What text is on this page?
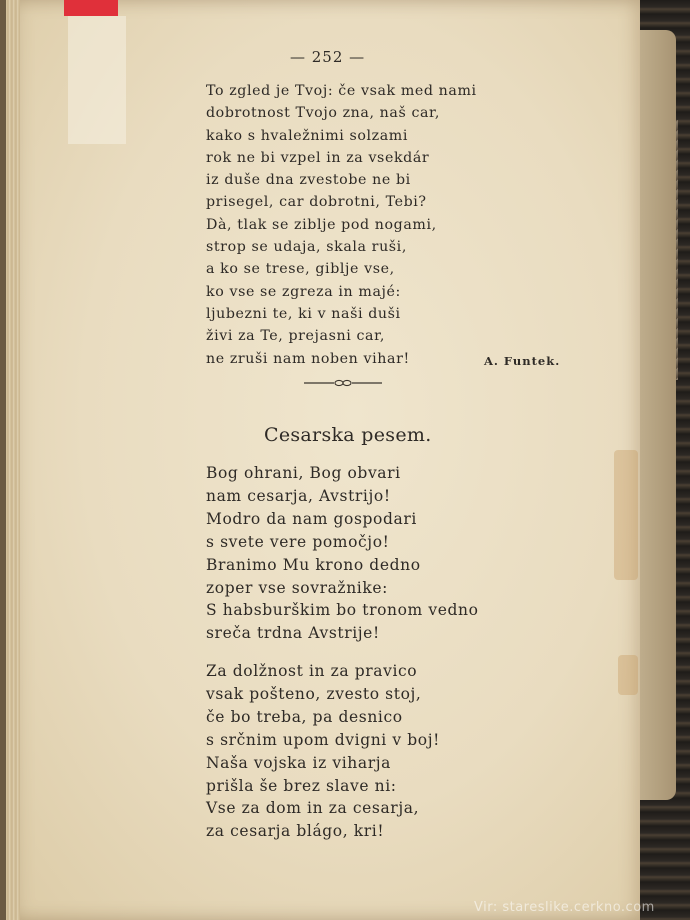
— 252 —
To zgled je Tvoj: če vsak med nami
dobrotnost Tvojo zna, naš car,
kako s hvaležnimi solzami
rok ne bi vzpel in za vsekdár
iz duše dna zvestobe ne bi
prisegel, car dobrotni, Tebi?
Dà, tlak se ziblje pod nogami,
strop se udaja, skala ruši,
a ko se trese, giblje vse,
ko vse se zgreza in majé:
ljubezni te, ki v naši duši
živi za Te, prejasni car,
ne zruši nam noben vihar!	A. Funtek.
Cesarska pesem.
Bog ohrani, Bog obvari
nam cesarja, Avstrijo!
Modro da nam gospodari
s svete vere pomočjo!
Branimo Mu krono dedno
zoper vse sovražnike:
S habsburškim bo tronom vedno
sreča trdna Avstrije!
Za dolžnost in za pravico
vsak pošteno, zvesto stoj,
če bo treba, pa desnico
s srčnim upom dvigni v boj!
Naša vojska iz viharja
prišla še brez slave ni:
Vse za dom in za cesarja,
za cesarja blágo, kri!
Vir: stareslike.cerkno.com
